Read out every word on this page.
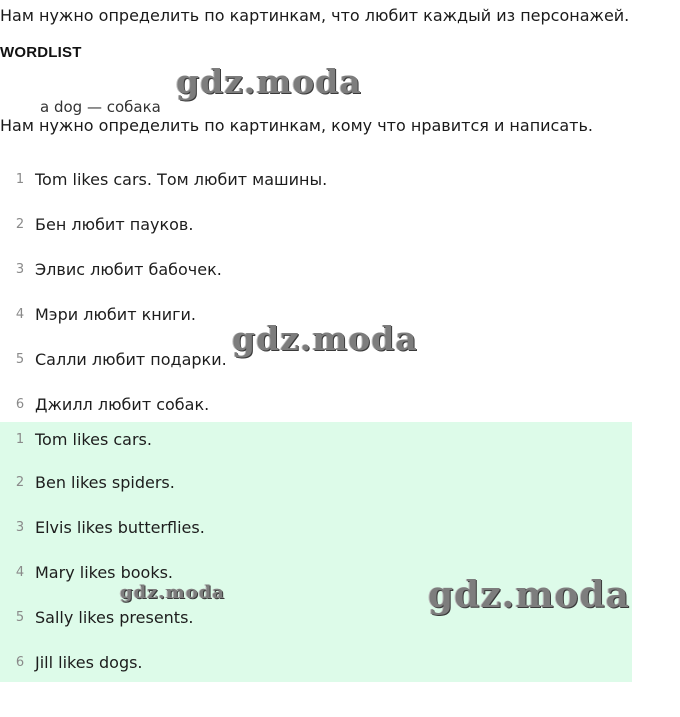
Нам нужно определить по картинкам, что любит каждый из персонажей.
WORDLIST
a dog — собака
Нам нужно определить по картинкам, кому что нравится и написать.
1 Tom likes cars. Том любит машины.
2 Бен любит пауков.
3 Элвис любит бабочек.
4 Мэри любит книги.
5 Салли любит подарки.
6 Джилл любит собак.
1 Tom likes cars.
2 Ben likes spiders.
3 Elvis likes butterflies.
4 Mary likes books.
5 Sally likes presents.
6 Jill likes dogs.
gdz.moda
gdz.moda
gdz.moda	gdz.moda
